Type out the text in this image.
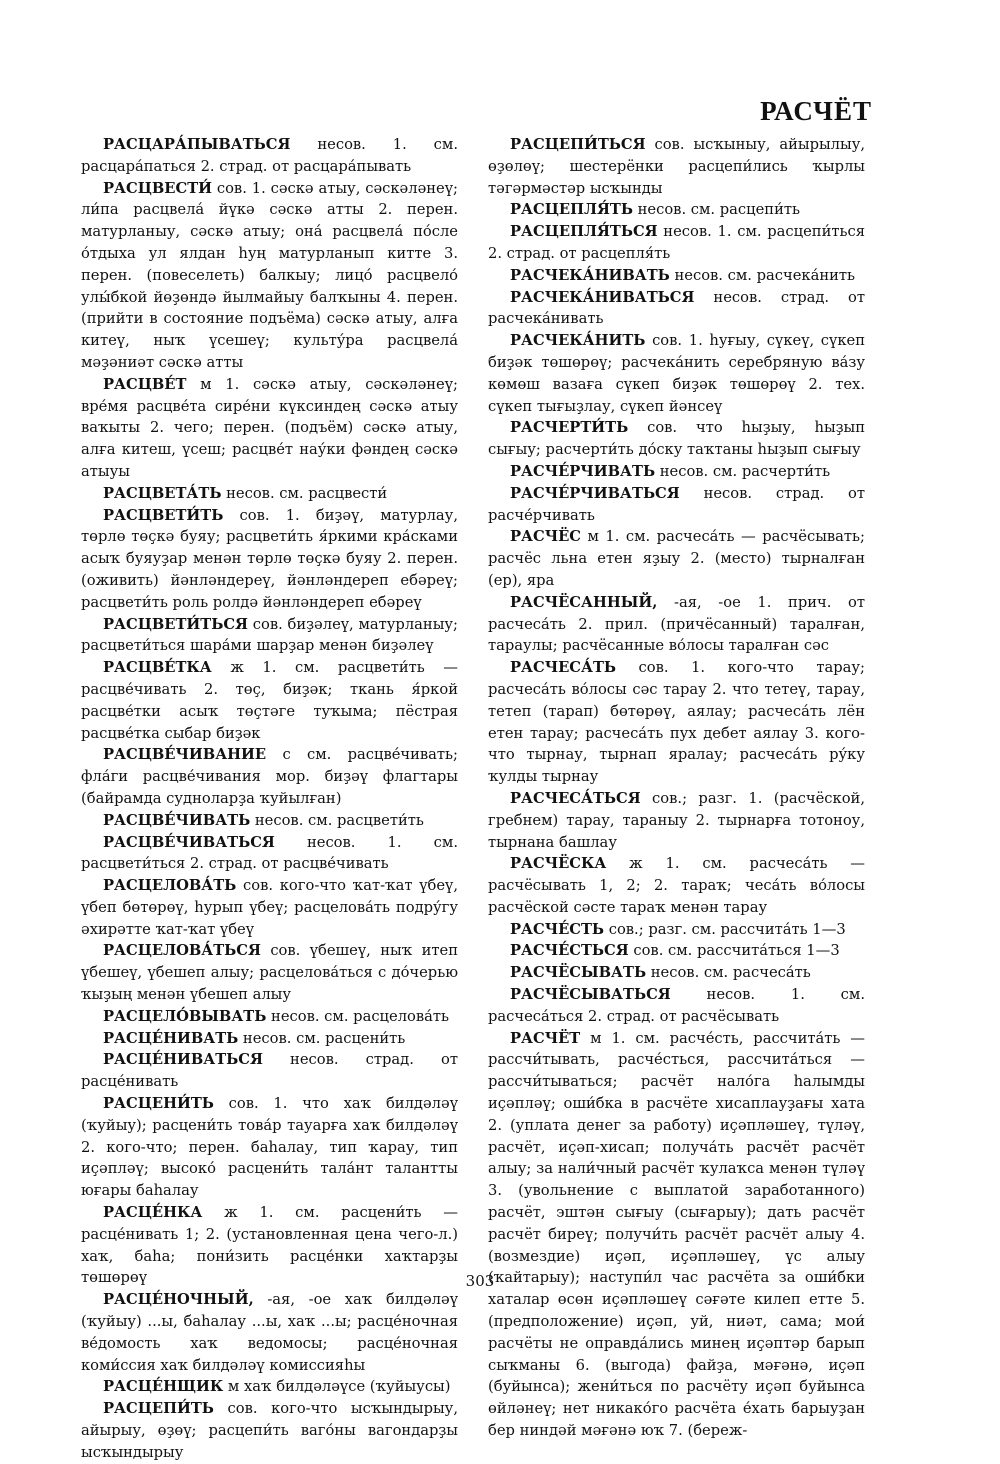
РАСЧЁТ

РАСЦАРА́ПЫВАТЬСЯ несов. 1. см. расцара́паться 2. страд. от расцара́пывать

РАСЦВЕСТИ́ сов. 1. сәскә атыу, сәскәләнеү; ли́па расцвела́ йүкә сәскә атты 2. перен. матурланыу, сәскә атыу; она́ расцвела́ по́сле о́тдыха ул ялдан һуң матурланып китте 3. перен. (повеселеть) балкыу; лицо́ расцвело́ улы́бкой йөҙөндә йылмайыу балҡыны 4. перен. (прийти в состояние подъёма) сәскә атыу, алға китеү, ныҡ үсешеү; культу́ра расцвела́ мәҙәниәт сәскә атты

РАСЦВЕ́Т м 1. сәскә атыу, сәскәләнеү; вре́мя расцве́та сире́ни күксиндең сәскә атыу ваҡыты 2. чего; перен. (подъём) сәскә атыу, алға китеш, үсеш; расцве́т нау́ки фәндең сәскә атыуы

РАСЦВЕТА́ТЬ несов. см. расцвести́

РАСЦВЕТИ́ТЬ сов. 1. биҙәү, матурлау, төрлө төҫкә буяу; расцвети́ть я́ркими кра́сками асыҡ буяуҙар менән төрлө төҫкә буяу 2. перен. (оживить) йәнләндереү, йәнләндереп ебәреү; расцвети́ть роль ролдә йәнләндереп ебәреү

РАСЦВЕТИ́ТЬСЯ сов. биҙәлеү, матурланыу; расцвети́ться шара́ми шарҙар менән биҙәлеү

РАСЦВЕ́ТКА ж 1. см. расцвети́ть — расцве́чивать 2. төҫ, биҙәк; ткань я́ркой расцве́тки асыҡ төҫтәге туҡыма; пёстрая расцве́тка сыбар биҙәк

РАСЦВЕ́ЧИВАНИЕ с см. расцве́чивать; фла́ги расцве́чивания мор. биҙәү флагтары (байрамда судноларҙа ҡуйылған)

РАСЦВЕ́ЧИВАТЬ несов. см. расцвети́ть

РАСЦВЕ́ЧИВАТЬСЯ несов. 1. см. расцвети́ться 2. страд. от расцве́чивать

РАСЦЕЛОВА́ТЬ сов. кого-что ҡат-ҡат үбеү, үбеп бөтөрөү, һурып үбеү; расцелова́ть подру́гу әхирәтте ҡат-ҡат үбеү

РАСЦЕЛОВА́ТЬСЯ сов. үбешеү, ныҡ итеп үбешеү, үбешеп алыу; расцелова́ться с до́черью ҡыҙың менән үбешеп алыу

РАСЦЕЛО́ВЫВАТЬ несов. см. расцелова́ть

РАСЦЕ́НИВАТЬ несов. см. расцени́ть

РАСЦЕ́НИВАТЬСЯ несов. страд. от расце́нивать

РАСЦЕНИ́ТЬ сов. 1. что хаҡ билдәләү (ҡуйыу); расцени́ть това́р тауарға хаҡ билдәләү 2. кого-что; перен. баһалау, тип ҡарау, тип иҫәпләү; высоко́ расцени́ть тала́нт талантты юғары баһалау

РАСЦЕ́НКА ж 1. см. расцени́ть — расце́нивать 1; 2. (установленная цена чего-л.) хаҡ, баһа; пони́зить расце́нки хаҡтарҙы төшөрөү

РАСЦЕ́НОЧНЫЙ, -ая, -ое хаҡ билдәләү (ҡуйыу) ...ы, баһалау ...ы, хаҡ ...ы; расце́ночная ве́домость хаҡ ведомосы; расце́ночная коми́ссия хаҡ билдәләү комиссияһы

РАСЦЕ́НЩИК м хаҡ билдәләүсе (ҡуйыусы)

РАСЦЕПИ́ТЬ сов. кого-что ысҡындырыу, айырыу, өҙөү; расцепи́ть ваго́ны вагондарҙы ысҡындырыу

РАСЦЕПИ́ТЬСЯ сов. ысҡыныу, айырылыу, өҙөлөү; шестерёнки расцепи́лись ҡырлы тәгәрмәстәр ысҡынды

РАСЦЕПЛЯ́ТЬ несов. см. расцепи́ть

РАСЦЕПЛЯ́ТЬСЯ несов. 1. см. расцепи́ться 2. страд. от расцепля́ть

РАСЧЕКА́НИВАТЬ несов. см. расчека́нить

РАСЧЕКА́НИВАТЬСЯ несов. страд. от расчека́нивать

РАСЧЕКА́НИТЬ сов. 1. һуғыу, сүкеү, сүкеп биҙәк төшөрөү; расчека́нить серебряную ва́зу көмөш вазаға сүкеп биҙәк төшөрөү 2. тех. сүкеп тығыҙлау, сүкеп йәнсеү

РАСЧЕРТИ́ТЬ сов. что һыҙыу, һыҙып сығыу; расчерти́ть до́ску таҡтаны һыҙып сығыу

РАСЧЕ́РЧИВАТЬ несов. см. расчерти́ть

РАСЧЕ́РЧИВАТЬСЯ несов. страд. от расче́рчивать

РАСЧЁС м 1. см. расчеса́ть — расчёсывать; расчёс льна етен яҙыу 2. (место) тырналған (ер), яра

РАСЧЁСАННЫЙ, -ая, -ое 1. прич. от расчеса́ть 2. прил. (причёсанный) таралған, тараулы; расчёсанные во́лосы таралған сәс

РАСЧЕСА́ТЬ сов. 1. кого-что тарау; расчеса́ть во́лосы сәс тарау 2. что тетеү, тарау, тетеп (тарап) бөтөрөү, аялау; расчеса́ть лён етен тарау; расчеса́ть пух дебет аялау 3. кого-что тырнау, тырнап яралау; расчеса́ть ру́ку ҡулды тырнау

РАСЧЕСА́ТЬСЯ сов.; разг. 1. (расчёской, гребнем) тарау, тараныу 2. тырнарға тотоноу, тырнана башлау

РАСЧЁСКА ж 1. см. расчеса́ть — расчёсывать 1, 2; 2. тараҡ; чеса́ть во́лосы расчёской сәсте тараҡ менән тарау

РАСЧЕ́СТЬ сов.; разг. см. рассчита́ть 1—3

РАСЧЕ́СТЬСЯ сов. см. рассчита́ться 1—3

РАСЧЁСЫВАТЬ несов. см. расчеса́ть

РАСЧЁСЫВАТЬСЯ несов. 1. см. расчеса́ться 2. страд. от расчёсывать

РАСЧЁТ м 1. см. расче́сть, рассчита́ть — рассчи́тывать, расче́сться, рассчита́ться — рассчи́тываться; расчёт нало́га һалымды иҫәпләү; оши́бка в расчёте хисаплауҙағы хата 2. (уплата денег за работу) иҫәпләшеү, түләү, расчёт, иҫәп-хисап; получа́ть расчёт расчёт алыу; за нали́чный расчёт ҡулаҡса менән түләү 3. (увольнение с выплатой заработанного) расчёт, эштән сығыу (сығарыу); дать расчёт расчёт биреү; получи́ть расчёт расчёт алыу 4. (возмездие) иҫәп, иҫәпләшеү, үс алыу (ҡайтарыу); наступи́л час расчёта за оши́бки хаталар өсөн иҫәпләшеү сәғәте килеп етте 5. (предположение) иҫәп, уй, ниәт, сама; мои́ расчёты не оправда́лись минең иҫәптәр барып сыҡманы 6. (выгода) файҙа, мәғәнә, иҫәп (буйынса); жени́ться по расчёту иҫәп буйынса өйләнеү; нет никако́го расчёта е́хать барыуҙан бер ниндәй мәғәнә юҡ 7. (береж-

303
